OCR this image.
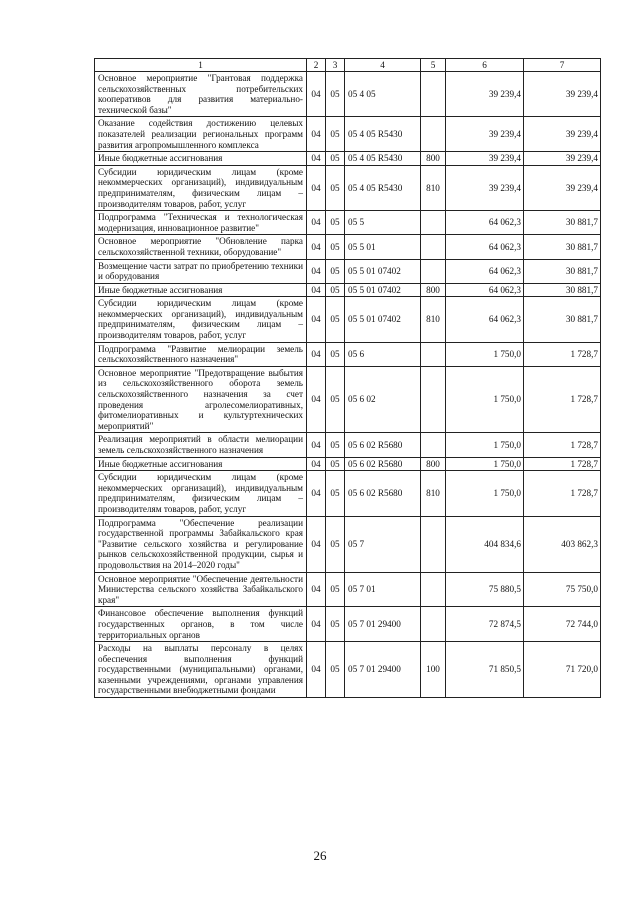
1	2	3	4	5	6	7
Основное мероприятие "Грантовая поддержка сельскохозяйственных потребительских кооперативов для развития материально-технической базы"	04	05	05 4 05		39 239,4	39 239,4
Оказание содействия достижению целевых показателей реализации региональных программ развития агропромышленного комплекса	04	05	05 4 05 R5430		39 239,4	39 239,4
Иные бюджетные ассигнования	04	05	05 4 05 R5430	800	39 239,4	39 239,4
Субсидии юридическим лицам (кроме некоммерческих организаций), индивидуальным предпринимателям, физическим лицам – производителям товаров, работ, услуг	04	05	05 4 05 R5430	810	39 239,4	39 239,4
Подпрограмма "Техническая и технологическая модернизация, инновационное развитие"	04	05	05 5		64 062,3	30 881,7
Основное мероприятие "Обновление парка сельскохозяйственной техники, оборудование"	04	05	05 5 01		64 062,3	30 881,7
Возмещение части затрат по приобретению техники и оборудования	04	05	05 5 01 07402		64 062,3	30 881,7
Иные бюджетные ассигнования	04	05	05 5 01 07402	800	64 062,3	30 881,7
Субсидии юридическим лицам (кроме некоммерческих организаций), индивидуальным предпринимателям, физическим лицам – производителям товаров, работ, услуг	04	05	05 5 01 07402	810	64 062,3	30 881,7
Подпрограмма "Развитие мелиорации земель сельскохозяйственного назначения"	04	05	05 6		1 750,0	1 728,7
Основное мероприятие "Предотвращение выбытия из сельскохозяйственного оборота земель сельскохозяйственного назначения за счет проведения агролесомелиоративных, фитомелиоративных и культуртехнических мероприятий"	04	05	05 6 02		1 750,0	1 728,7
Реализация мероприятий в области мелиорации земель сельскохозяйственного назначения	04	05	05 6 02 R5680		1 750,0	1 728,7
Иные бюджетные ассигнования	04	05	05 6 02 R5680	800	1 750,0	1 728,7
Субсидии юридическим лицам (кроме некоммерческих организаций), индивидуальным предпринимателям, физическим лицам – производителям товаров, работ, услуг	04	05	05 6 02 R5680	810	1 750,0	1 728,7
Подпрограмма "Обеспечение реализации государственной программы Забайкальского края "Развитие сельского хозяйства и регулирование рынков сельскохозяйственной продукции, сырья и продовольствия на 2014–2020 годы"	04	05	05 7		404 834,6	403 862,3
Основное мероприятие "Обеспечение деятельности Министерства сельского хозяйства Забайкальского края"	04	05	05 7 01		75 880,5	75 750,0
Финансовое обеспечение выполнения функций государственных органов, в том числе территориальных органов	04	05	05 7 01 29400		72 874,5	72 744,0
Расходы на выплаты персоналу в целях обеспечения выполнения функций государственными (муниципальными) органами, казенными учреждениями, органами управления государственными внебюджетными фондами	04	05	05 7 01 29400	100	71 850,5	71 720,0
26
